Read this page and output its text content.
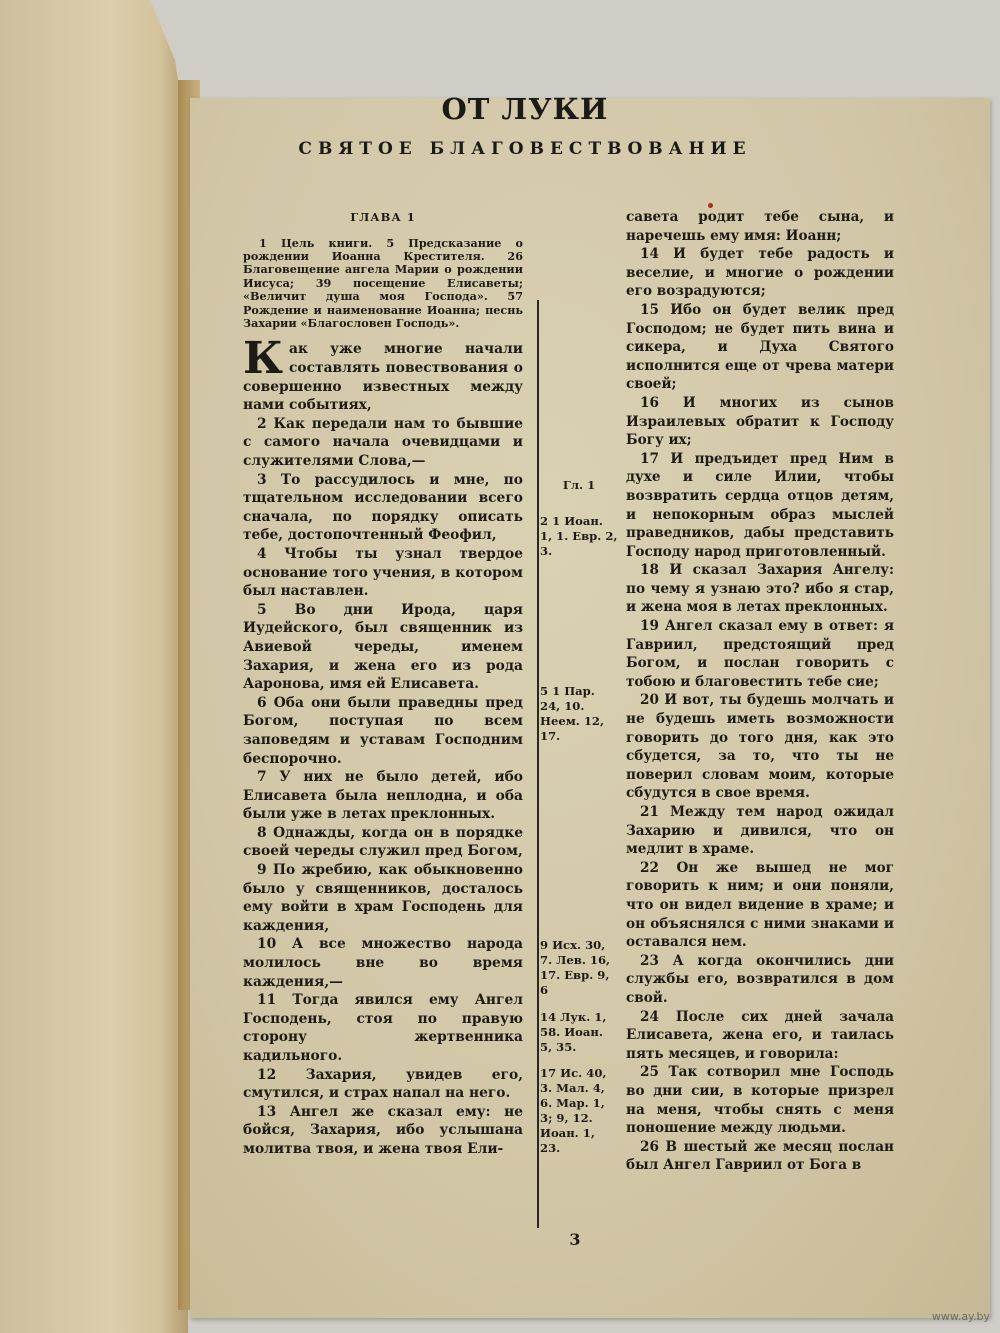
ОТ ЛУКИ
СВЯТОЕ БЛАГОВЕСТВОВАНИЕ
ГЛАВА 1
1 Цель книги. 5 Предсказание о рождении Иоанна Крестителя. 26 Благовещение ангела Марии о рождении Иисуса; 39 посещение Елисаветы; «Величит душа моя Господа». 57 Рождение и наименование Иоанна; песнь Захарии «Благословен Господь».
Как уже многие начали составлять повествования о совершенно известных между нами событиях,

2 Как передали нам то бывшие с самого начала очевидцами и служителями Слова,—

3 То рассудилось и мне, по тщательном исследовании всего сначала, по порядку описать тебе, достопочтенный Феофил,

4 Чтобы ты узнал твердое основание того учения, в котором был наставлен.

5 Во дни Ирода, царя Иудейского, был священник из Авиевой череды, именем Захария, и жена его из рода Ааронова, имя ей Елисавета.

6 Оба они были праведны пред Богом, поступая по всем заповедям и уставам Господним беспорочно.

7 У них не было детей, ибо Елисавета была неплодна, и оба были уже в летах преклонных.

8 Однажды, когда он в порядке своей череды служил пред Богом,

9 По жребию, как обыкновенно было у священников, досталось ему войти в храм Господень для каждения,

10 А все множество народа молилось вне во время каждения,—

11 Тогда явился ему Ангел Господень, стоя по правую сторону жертвенника кадильного.

12 Захария, увидев его, смутился, и страх напал на него.

13 Ангел же сказал ему: не бойся, Захария, ибо услышана молитва твоя, и жена твоя Ели-

Гл. 1
2 1 Иоан. 1, 1. Евр. 2, 3.
5 1 Пар. 24, 10. Неем. 12, 17.
9 Исх. 30, 7. Лев. 16, 17. Евр. 9, 6
14 Лук. 1, 58. Иоан. 5, 35.
17 Ис. 40, 3. Мал. 4, 6. Мар. 1, 3; 9, 12. Иоан. 1, 23.

савета родит тебе сына, и наречешь ему имя: Иоанн;

14 И будет тебе радость и веселие, и многие о рождении его возрадуются;

15 Ибо он будет велик пред Господом; не будет пить вина и сикера, и Духа Святого исполнится еще от чрева матери своей;

16 И многих из сынов Израилевых обратит к Господу Богу их;

17 И предъидет пред Ним в духе и силе Илии, чтобы возвратить сердца отцов детям, и непокорным образ мыслей праведников, дабы представить Господу народ приготовленный.

18 И сказал Захария Ангелу: по чему я узнаю это? ибо я стар, и жена моя в летах преклонных.

19 Ангел сказал ему в ответ: я Гавриил, предстоящий пред Богом, и послан говорить с тобою и благовестить тебе сие;

20 И вот, ты будешь молчать и не будешь иметь возможности говорить до того дня, как это сбудется, за то, что ты не поверил словам моим, которые сбудутся в свое время.

21 Между тем народ ожидал Захарию и дивился, что он медлит в храме.

22 Он же вышед не мог говорить к ним; и они поняли, что он видел видение в храме; и он объяснялся с ними знаками и оставался нем.

23 А когда окончились дни службы его, возвратился в дом свой.

24 После сих дней зачала Елисавета, жена его, и таилась пять месяцев, и говорила:

25 Так сотворил мне Господь во дни сии, в которые призрел на меня, чтобы снять с меня поношение между людьми.

26 В шестый же месяц послан был Ангел Гавриил от Бога в

3
www.ay.by
